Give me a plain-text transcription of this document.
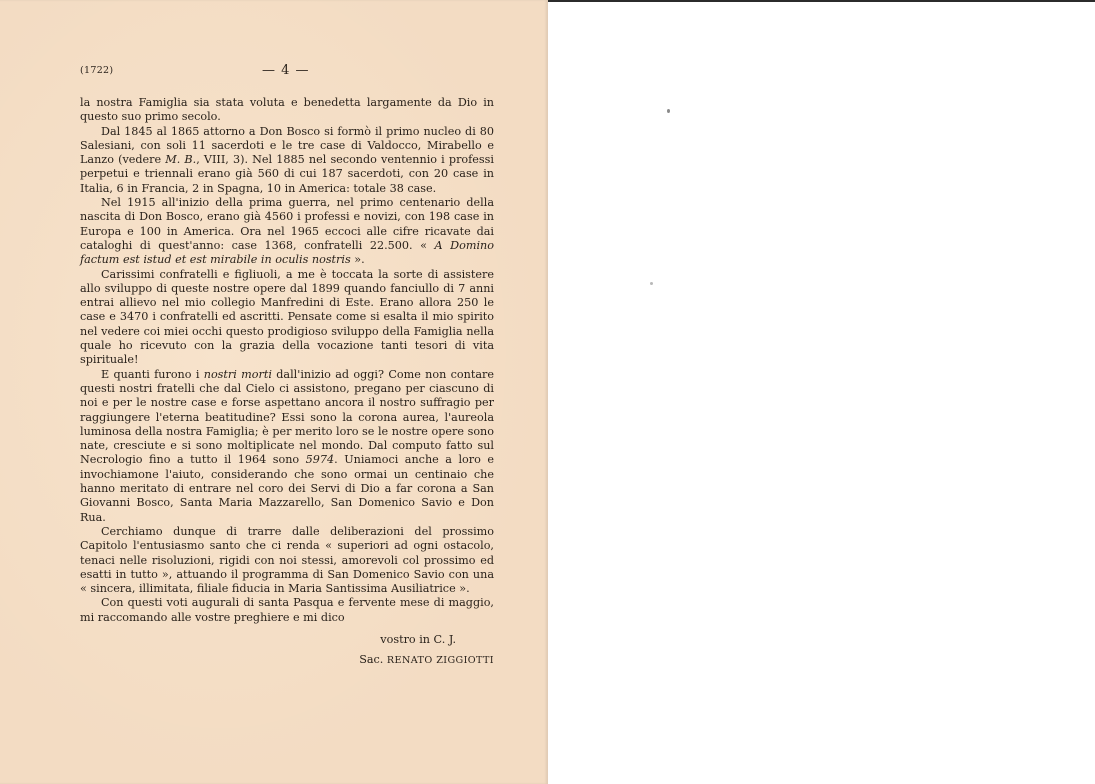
(1722)	— 4 —

la nostra Famiglia sia stata voluta e benedetta largamente da Dio in questo suo primo secolo.

Dal 1845 al 1865 attorno a Don Bosco si formò il primo nucleo di 80 Salesiani, con soli 11 sacerdoti e le tre case di Valdocco, Mirabello e Lanzo (vedere M. B., VIII, 3). Nel 1885 nel secondo ventennio i professi perpetui e triennali erano già 560 di cui 187 sacerdoti, con 20 case in Italia, 6 in Francia, 2 in Spagna, 10 in America: totale 38 case.

Nel 1915 all'inizio della prima guerra, nel primo centenario della nascita di Don Bosco, erano già 4560 i professi e novizi, con 198 case in Europa e 100 in America. Ora nel 1965 eccoci alle cifre ricavate dai cataloghi di quest'anno: case 1368, confratelli 22.500. « A Domino factum est istud et est mirabile in oculis nostris ».

Carissimi confratelli e figliuoli, a me è toccata la sorte di assistere allo sviluppo di queste nostre opere dal 1899 quando fanciullo di 7 anni entrai allievo nel mio collegio Manfredini di Este. Erano allora 250 le case e 3470 i confratelli ed ascritti. Pensate come si esalta il mio spirito nel vedere coi miei occhi questo prodigioso sviluppo della Famiglia nella quale ho ricevuto con la grazia della vocazione tanti tesori di vita spirituale!

E quanti furono i nostri morti dall'inizio ad oggi? Come non contare questi nostri fratelli che dal Cielo ci assistono, pregano per ciascuno di noi e per le nostre case e forse aspettano ancora il nostro suffragio per raggiungere l'eterna beatitudine? Essi sono la corona aurea, l'aureola luminosa della nostra Famiglia; è per merito loro se le nostre opere sono nate, cresciute e si sono moltiplicate nel mondo. Dal computo fatto sul Necrologio fino a tutto il 1964 sono 5974. Uniamoci anche a loro e invochiamone l'aiuto, considerando che sono ormai un centinaio che hanno meritato di entrare nel coro dei Servi di Dio a far corona a San Giovanni Bosco, Santa Maria Mazzarello, San Domenico Savio e Don Rua.

Cerchiamo dunque di trarre dalle deliberazioni del prossimo Capitolo l'entusiasmo santo che ci renda « superiori ad ogni ostacolo, tenaci nelle risoluzioni, rigidi con noi stessi, amorevoli col prossimo ed esatti in tutto », attuando il programma di San Domenico Savio con una « sincera, illimitata, filiale fiducia in Maria Santissima Ausiliatrice ».

Con questi voti augurali di santa Pasqua e fervente mese di maggio, mi raccomando alle vostre preghiere e mi dico

vostro in C. J.
Sac. RENATO ZIGGIOTTI
